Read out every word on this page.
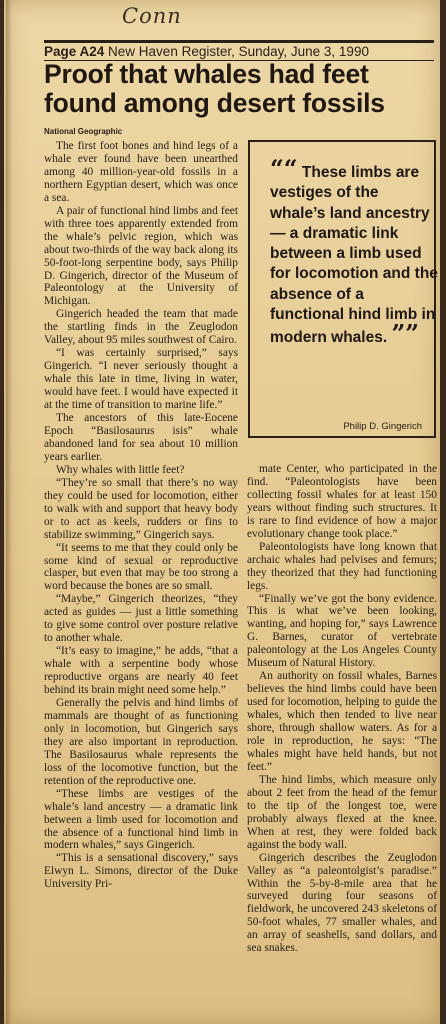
Conn
Page A24 New Haven Register, Sunday, June 3, 1990
Proof that whales had feet found among desert fossils
National Geographic

The first foot bones and hind legs of a whale ever found have been unearthed among 40 million-year-old fossils in a northern Egyptian desert, which was once a sea.

A pair of functional hind limbs and feet with three toes apparently extended from the whale’s pelvic region, which was about two-thirds of the way back along its 50-foot-long serpentine body, says Philip D. Gingerich, director of the Museum of Paleontology at the University of Michigan.

Gingerich headed the team that made the startling finds in the Zeuglodon Valley, about 95 miles southwest of Cairo.

“I was certainly surprised,” says Gingerich. “I never seriously thought a whale this late in time, living in water, would have feet. I would have expected it at the time of transition to marine life.”

The ancestors of this late-Eocene Epoch “Basilosaurus isis” whale abandoned land for sea about 10 million years earlier.

Why whales with little feet?

“They’re so small that there’s no way they could be used for locomotion, either to walk with and support that heavy body or to act as keels, rudders or fins to stabilize swimming,” Gingerich says.

“It seems to me that they could only be some kind of sexual or reproductive clasper, but even that may be too strong a word because the bones are so small.

“Maybe,” Gingerich theorizes, “they acted as guides — just a little something to give some control over posture relative to another whale.

“It’s easy to imagine,” he adds, “that a whale with a serpentine body whose reproductive organs are nearly 40 feet behind its brain might need some help.”

Generally the pelvis and hind limbs of mammals are thought of as functioning only in locomotion, but Gingerich says they are also important in reproduction. The Basilosaurus whale represents the loss of the locomotive function, but the retention of the reproductive one.

“These limbs are vestiges of the whale’s land ancestry — a dramatic link between a limb used for locomotion and the absence of a functional hind limb in modern whales,” says Gingerich.

“This is a sensational discovery,” says Elwyn L. Simons, director of the Duke University Pri-

““ These limbs are vestiges of the whale’s land ancestry — a dramatic link between a limb used for locomotion and the absence of a functional hind limb in modern whales. ””
Philip D. Gingerich

mate Center, who participated in the find. “Paleontologists have been collecting fossil whales for at least 150 years without finding such structures. It is rare to find evidence of how a major evolutionary change took place.”

Paleontologists have long known that archaic whales had pelvises and femurs; they theorized that they had functioning legs.

“Finally we’ve got the bony evidence. This is what we’ve been looking, wanting, and hoping for,” says Lawrence G. Barnes, curator of vertebrate paleontology at the Los Angeles County Museum of Natural History.

An authority on fossil whales, Barnes believes the hind limbs could have been used for locomotion, helping to guide the whales, which then tended to live near shore, through shallow waters. As for a role in reproduction, he says: “The whales might have held hands, but not feet.”

The hind limbs, which measure only about 2 feet from the head of the femur to the tip of the longest toe, were probably always flexed at the knee. When at rest, they were folded back against the body wall.

Gingerich describes the Zeuglodon Valley as “a paleontolgist’s paradise.” Within the 5-by-8-mile area that he surveyed during four seasons of fieldwork, he uncovered 243 skeletons of 50-foot whales, 77 smaller whales, and an array of seashells, sand dollars, and sea snakes.
